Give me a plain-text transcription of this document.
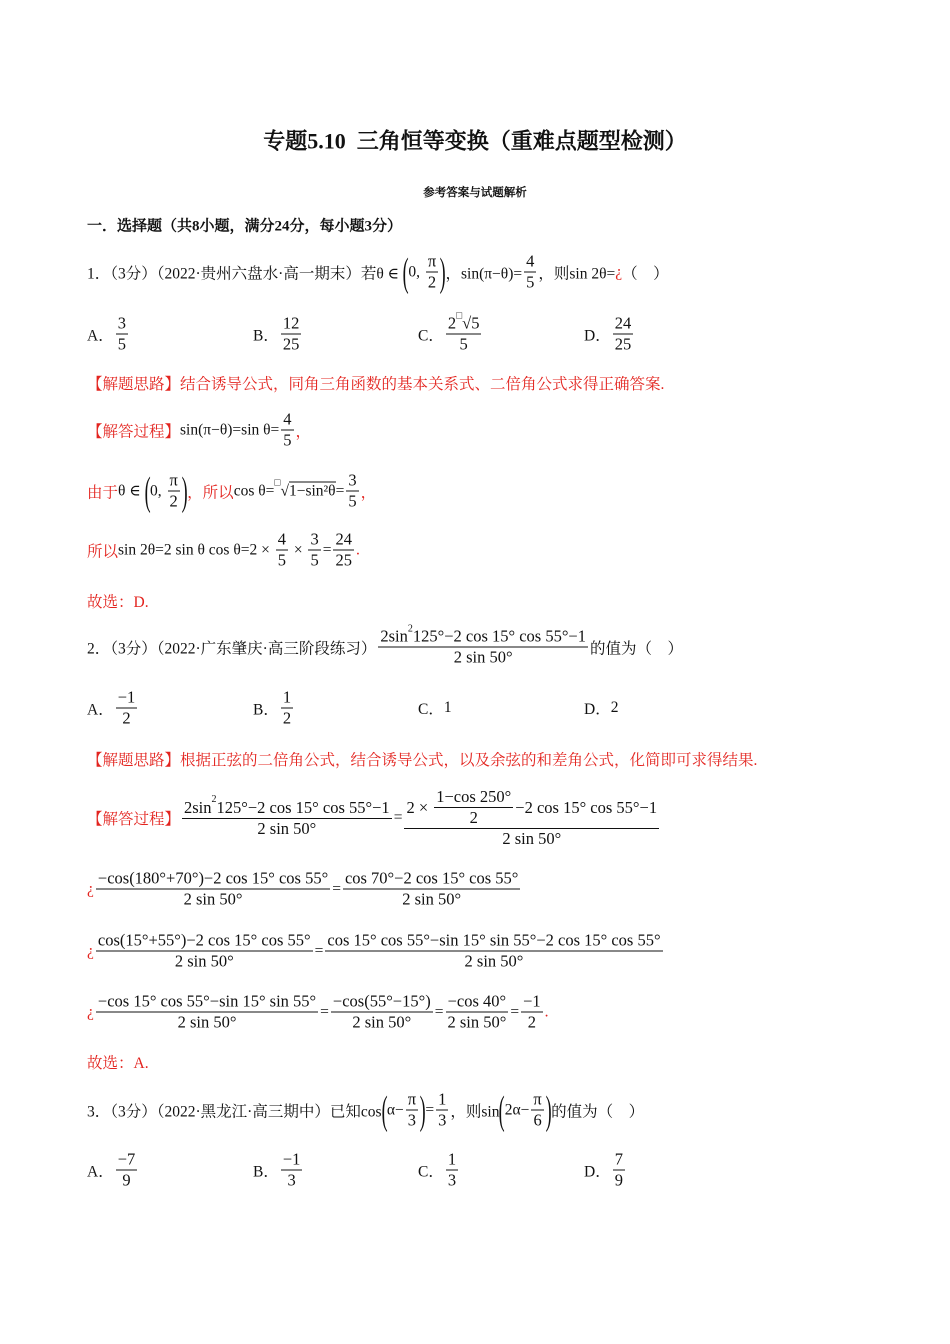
专题5.10  三角恒等变换（重难点题型检测）
参考答案与试题解析
一．选择题（共8小题，满分24分，每小题3分）
1．（3分）（2022·贵州六盘水·高一期末）若θ ∈ ( 0, $\frac{\pi}{2}$ ) ，$\sin(\pi-\theta)= \frac{4}{5}$ ，则sin 2θ= ¿ （    ）
A． $\frac{3}{5}$	B． $\frac{12}{25}$	C． $\frac{2 □ √5}{5}$	D． $\frac{24}{25}$
【解题思路】结合诱导公式，同角三角函数的基本关系式、二倍角公式求得正确答案.
【解答过程】 sin(π−θ)=sin $\theta= \frac{4}{5}$ ，
由于 θ ∈ ( 0, $\frac{\pi}{2}$ ) ，所以 cos θ= □ √ $1-\sin^2\theta = \frac{3}{5}$ ，
所以 sin 2θ=2 sin θ $\cos \theta=2 \times \frac{4}{5} \times \frac{3}{5} = \frac{24}{25}$ .
故选：D.
2．（3分）（2022·广东肇庆·高三阶段练习） $\frac{2\sin 2 125^\circ-2 \cos 15^\circ \cos 55^\circ-1}{2 \sin 50^\circ}$ 的值为（    ）
A． $\frac{-1}{2}$	B． $\frac{1}{2}$	C． 1	D． 2
【解题思路】根据正弦的二倍角公式，结合诱导公式，以及余弦的和差角公式，化简即可求得结果.
【解答过程】 $\frac{2\sin 2 125^\circ-2 \cos 15^\circ \cos 55^\circ-1}{2 \sin 50^\circ} = \frac{2 \times \frac{1-\cos 250^\circ}{2} -2 \cos 15^\circ \cos 55^\circ-1}{2 \sin 50^\circ}$
¿ $\frac{-\cos(180^\circ+70^\circ)-2 \cos 15^\circ \cos 55^\circ}{2 \sin 50^\circ} = \frac{\cos 70^\circ-2 \cos 15^\circ \cos 55^\circ}{2 \sin 50^\circ}$
¿ $\frac{\cos(15^\circ+55^\circ)-2 \cos 15^\circ \cos 55^\circ}{2 \sin 50^\circ} = \frac{\cos 15^\circ \cos 55^\circ-\sin 15^\circ \sin 55^\circ-2 \cos 15^\circ \cos 55^\circ}{2 \sin 50^\circ}$
¿ $\frac{-\cos 15^\circ \cos 55^\circ-\sin 15^\circ \sin 55^\circ}{2 \sin 50^\circ} = \frac{-\cos(55^\circ-15^\circ)}{2 \sin 50^\circ} = \frac{-\cos 40^\circ}{2 \sin 50^\circ} = \frac{-1}{2}$ .
故选：A.
3．（3分）（2022·黑龙江·高三期中）已知cos ( $\alpha- \frac{\pi}{3}$ ) = $\frac{1}{3}$ ，则sin ( $2\alpha- \frac{\pi}{6}$ ) 的值为（    ）
A． $\frac{-7}{9}$	B． $\frac{-1}{3}$	C． $\frac{1}{3}$	D． $\frac{7}{9}$
